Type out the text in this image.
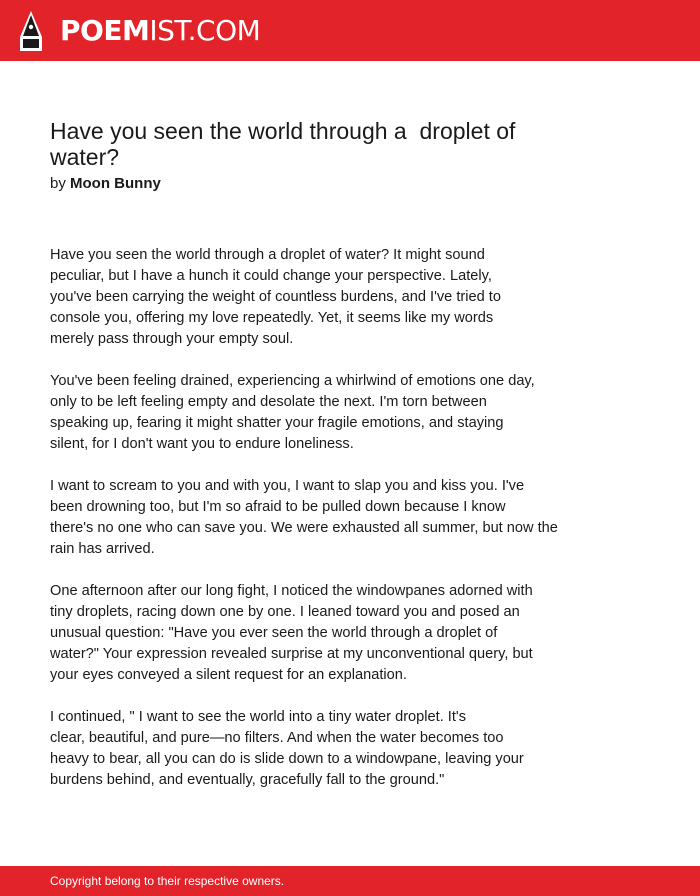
POEMIST.COM
Have you seen the world through a  droplet of
water?
by Moon Bunny

Have you seen the world through a droplet of water? It might sound
peculiar, but I have a hunch it could change your perspective. Lately,
you've been carrying the weight of countless burdens, and I've tried to
console you, offering my love repeatedly. Yet, it seems like my words
merely pass through your empty soul.

You've been feeling drained, experiencing a whirlwind of emotions one day,
only to be left feeling empty and desolate the next. I'm torn between
speaking up, fearing it might shatter your fragile emotions, and staying
silent, for I don't want you to endure loneliness.

I want to scream to you and with you, I want to slap you and kiss you. I've
been drowning too, but I'm so afraid to be pulled down because I know
there's no one who can save you. We were exhausted all summer, but now the
rain has arrived.

One afternoon after our long fight, I noticed the windowpanes adorned with
tiny droplets, racing down one by one. I leaned toward you and posed an
unusual question: "Have you ever seen the world through a droplet of
water?" Your expression revealed surprise at my unconventional query, but
your eyes conveyed a silent request for an explanation.

I continued, " I want to see the world into a tiny water droplet. It's
clear, beautiful, and pure—no filters. And when the water becomes too
heavy to bear, all you can do is slide down to a windowpane, leaving your
burdens behind, and eventually, gracefully fall to the ground."

Copyright belong to their respective owners.
